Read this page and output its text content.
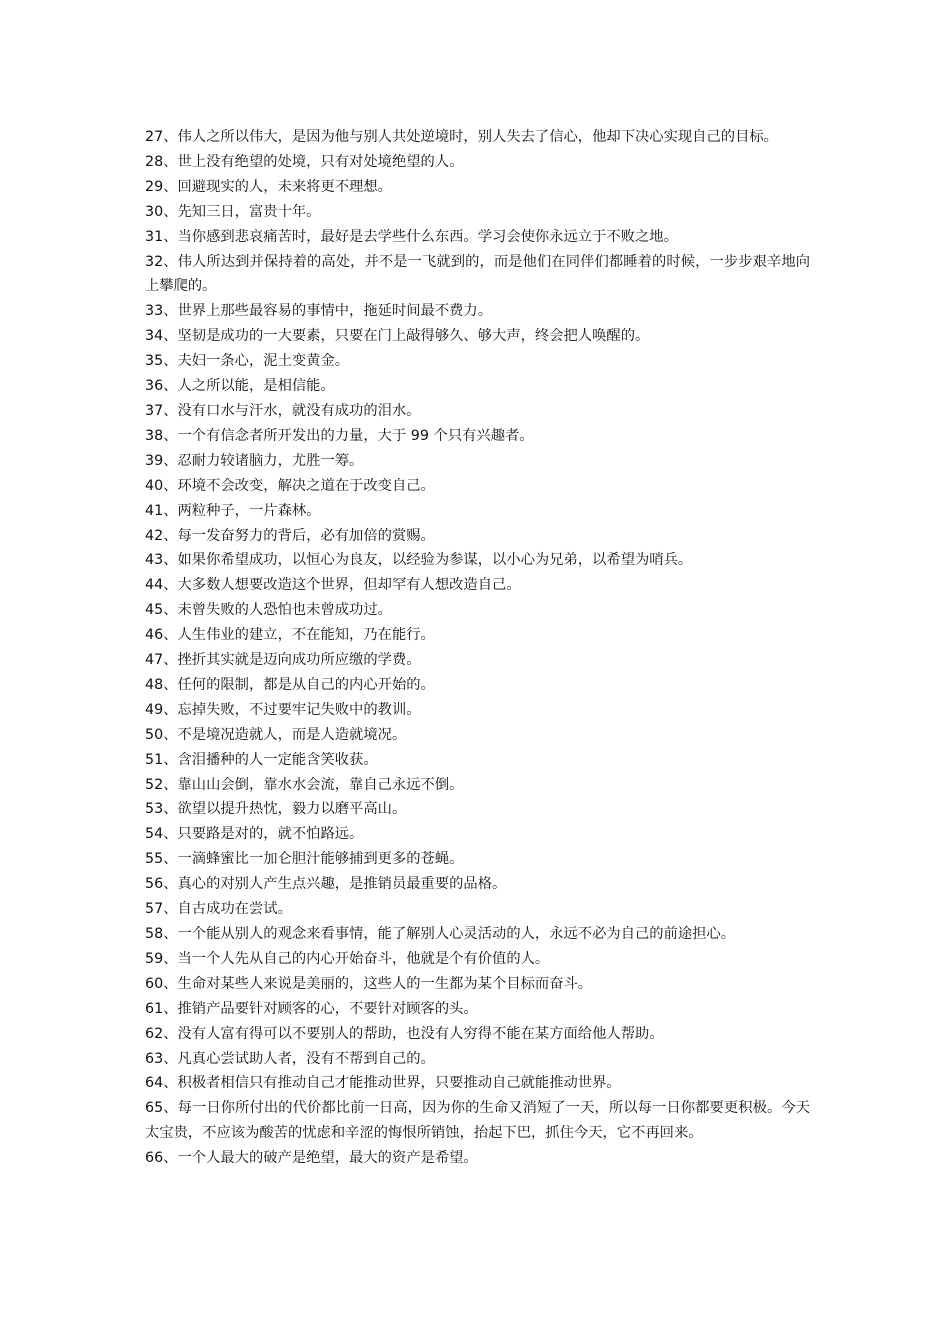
27、伟人之所以伟大，是因为他与别人共处逆境时，别人失去了信心，他却下决心实现自己的目标。

28、世上没有绝望的处境，只有对处境绝望的人。

29、回避现实的人，未来将更不理想。

30、先知三日，富贵十年。

31、当你感到悲哀痛苦时，最好是去学些什么东西。学习会使你永远立于不败之地。

32、伟人所达到并保持着的高处，并不是一飞就到的，而是他们在同伴们都睡着的时候，一步步艰辛地向上攀爬的。

33、世界上那些最容易的事情中，拖延时间最不费力。

34、坚韧是成功的一大要素，只要在门上敲得够久、够大声，终会把人唤醒的。

35、夫妇一条心，泥土变黄金。

36、人之所以能，是相信能。

37、没有口水与汗水，就没有成功的泪水。

38、一个有信念者所开发出的力量，大于 99 个只有兴趣者。

39、忍耐力较诸脑力，尤胜一筹。

40、环境不会改变，解决之道在于改变自己。

41、两粒种子，一片森林。

42、每一发奋努力的背后，必有加倍的赏赐。

43、如果你希望成功，以恒心为良友，以经验为参谋，以小心为兄弟，以希望为哨兵。

44、大多数人想要改造这个世界，但却罕有人想改造自己。

45、未曾失败的人恐怕也未曾成功过。

46、人生伟业的建立，不在能知，乃在能行。

47、挫折其实就是迈向成功所应缴的学费。

48、任何的限制，都是从自己的内心开始的。

49、忘掉失败，不过要牢记失败中的教训。

50、不是境况造就人，而是人造就境况。

51、含泪播种的人一定能含笑收获。

52、靠山山会倒，靠水水会流，靠自己永远不倒。

53、欲望以提升热忱，毅力以磨平高山。

54、只要路是对的，就不怕路远。

55、一滴蜂蜜比一加仑胆汁能够捕到更多的苍蝇。

56、真心的对别人产生点兴趣，是推销员最重要的品格。

57、自古成功在尝试。

58、一个能从别人的观念来看事情，能了解别人心灵活动的人，永远不必为自己的前途担心。

59、当一个人先从自己的内心开始奋斗，他就是个有价值的人。

60、生命对某些人来说是美丽的，这些人的一生都为某个目标而奋斗。

61、推销产品要针对顾客的心，不要针对顾客的头。

62、没有人富有得可以不要别人的帮助，也没有人穷得不能在某方面给他人帮助。

63、凡真心尝试助人者，没有不帮到自己的。

64、积极者相信只有推动自己才能推动世界，只要推动自己就能推动世界。

65、每一日你所付出的代价都比前一日高，因为你的生命又消短了一天，所以每一日你都要更积极。今天太宝贵，不应该为酸苦的忧虑和辛涩的悔恨所销蚀，抬起下巴，抓住今天，它不再回来。

66、一个人最大的破产是绝望，最大的资产是希望。
